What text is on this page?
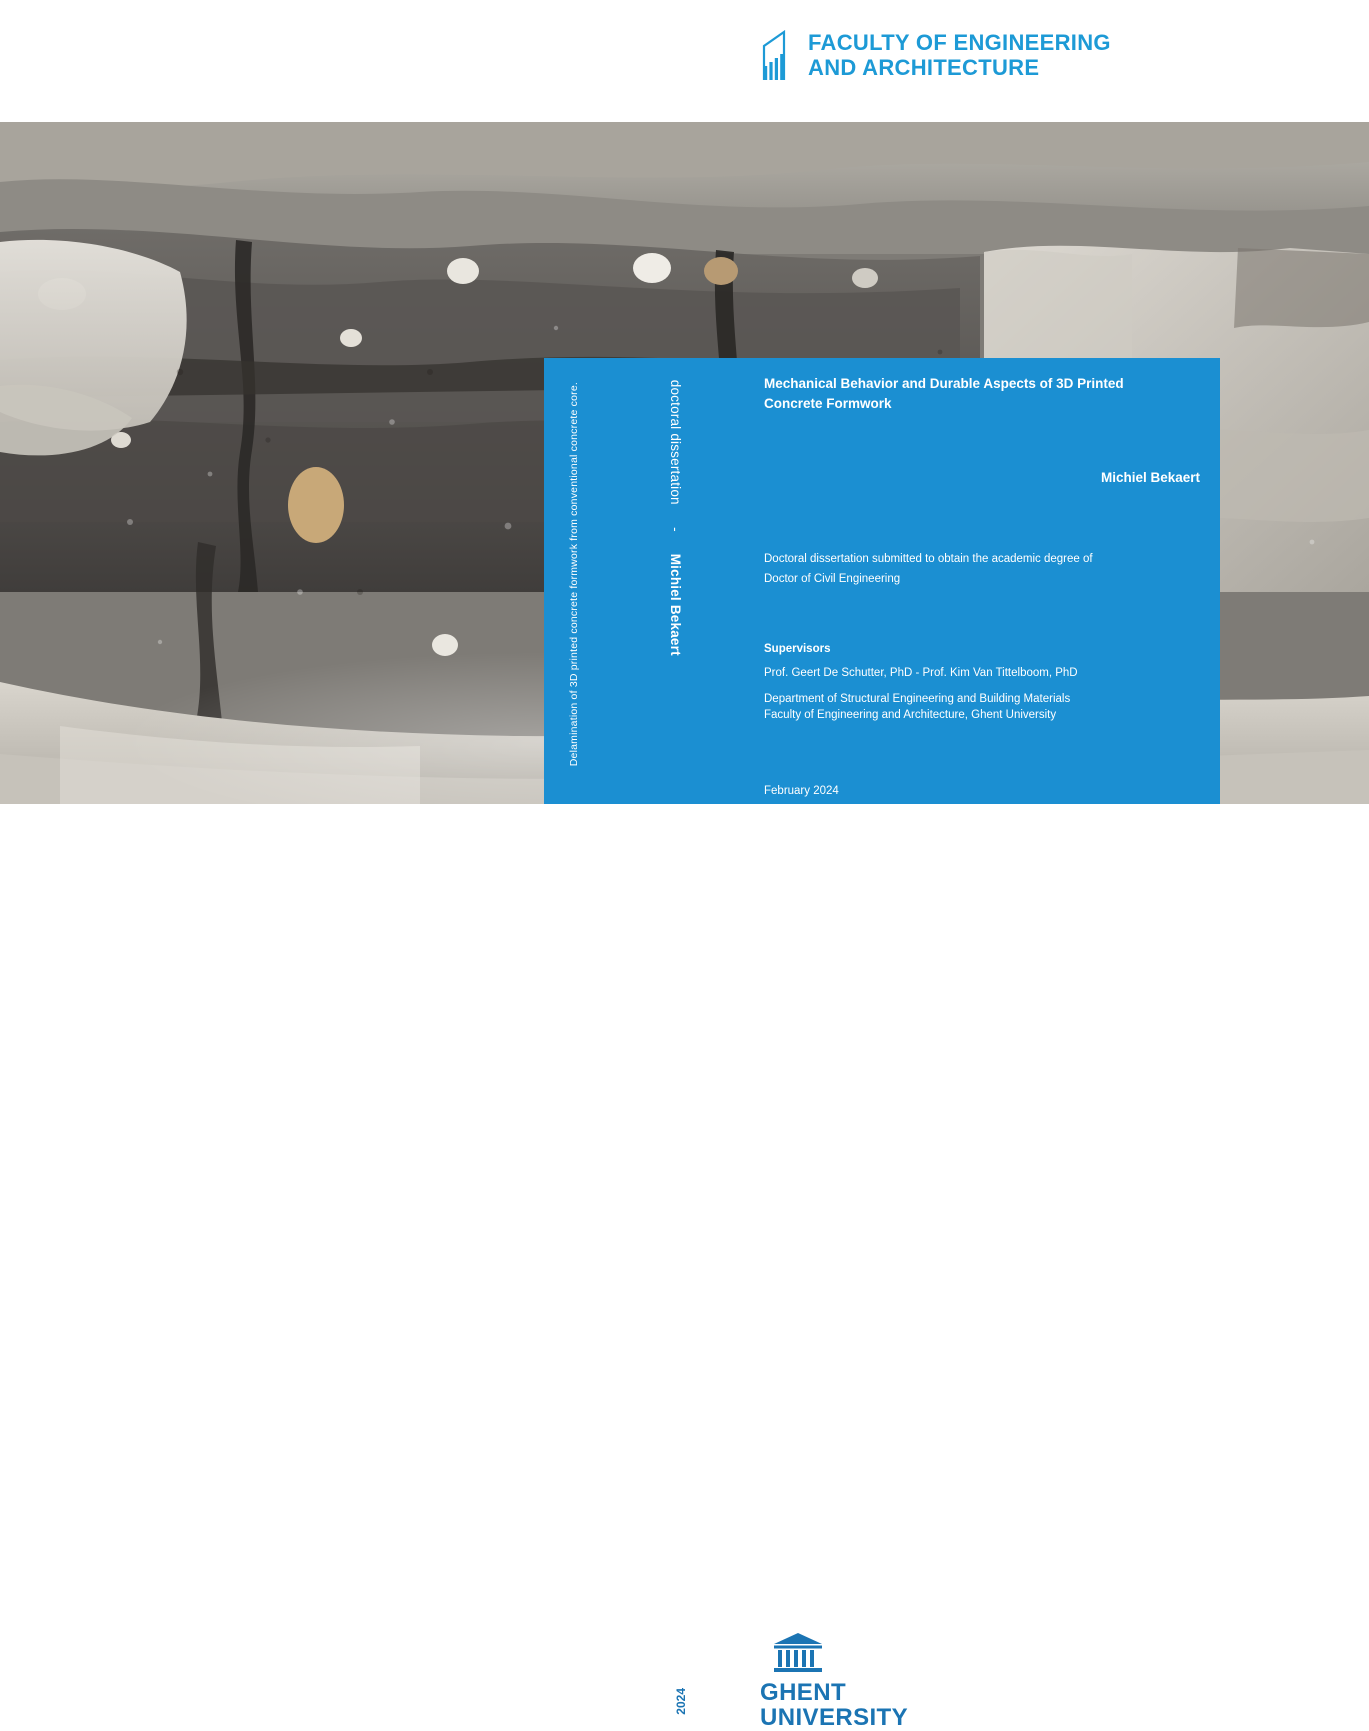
FACULTY OF ENGINEERING
AND ARCHITECTURE
Delamination of 3D printed concrete formwork from conventional concrete core.	Michiel Bekaert-doctoral dissertation	Mechanical Behavior and Durable Aspects of 3D Printed Concrete Formwork
Michiel Bekaert
Doctoral dissertation submitted to obtain the academic degree of
Doctor of Civil Engineering
Supervisors
Prof. Geert De Schutter, PhD - Prof. Kim Van Tittelboom, PhD
Department of Structural Engineering and Building Materials
Faculty of Engineering and Architecture, Ghent University
February 2024
2024	GHENT
UNIVERSITY
